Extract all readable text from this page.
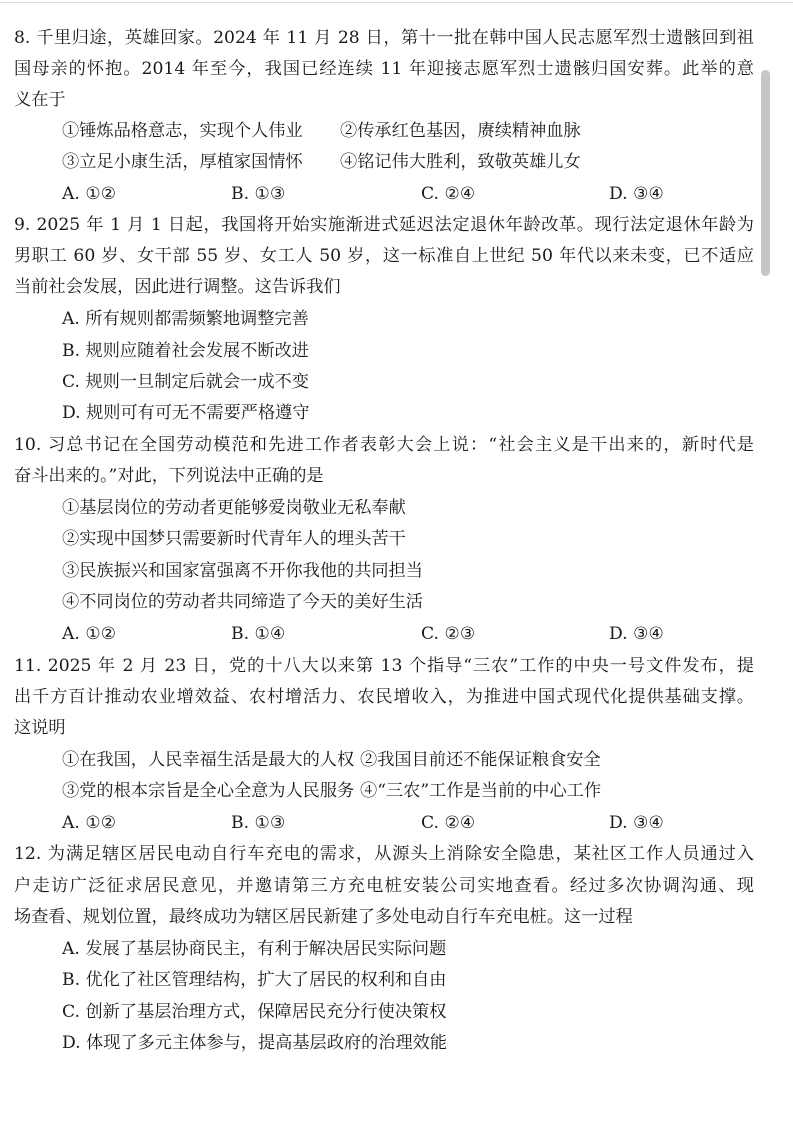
8. 千里归途，英雄回家。2024 年 11 月 28 日，第十一批在韩中国人民志愿军烈士遗骸回到祖
国母亲的怀抱。2014 年至今，我国已经连续 11 年迎接志愿军烈士遗骸归国安葬。此举的意
义在于
①锤炼品格意志，实现个人伟业 ②传承红色基因，赓续精神血脉
③立足小康生活，厚植家国情怀 ④铭记伟大胜利，致敬英雄儿女
A. ①②	B. ①③	C. ②④	D. ③④
9. 2025 年 1 月 1 日起，我国将开始实施渐进式延迟法定退休年龄改革。现行法定退休年龄为
男职工 60 岁、女干部 55 岁、女工人 50 岁，这一标准自上世纪 50 年代以来未变，已不适应
当前社会发展，因此进行调整。这告诉我们
A. 所有规则都需频繁地调整完善
B. 规则应随着社会发展不断改进
C. 规则一旦制定后就会一成不变
D. 规则可有可无不需要严格遵守
10. 习总书记在全国劳动模范和先进工作者表彰大会上说：“社会主义是干出来的，新时代是
奋斗出来的。”对此，下列说法中正确的是
①基层岗位的劳动者更能够爱岗敬业无私奉献
②实现中国梦只需要新时代青年人的埋头苦干
③民族振兴和国家富强离不开你我他的共同担当
④不同岗位的劳动者共同缔造了今天的美好生活
A. ①②	B. ①④	C. ②③	D. ③④
11. 2025 年 2 月 23 日，党的十八大以来第 13 个指导“三农”工作的中央一号文件发布，提
出千方百计推动农业增效益、农村增活力、农民增收入，为推进中国式现代化提供基础支撑。
这说明
①在我国，人民幸福生活是最大的人权 ②我国目前还不能保证粮食安全
③党的根本宗旨是全心全意为人民服务 ④“三农”工作是当前的中心工作
A. ①②	B. ①③	C. ②④	D. ③④
12. 为满足辖区居民电动自行车充电的需求，从源头上消除安全隐患，某社区工作人员通过入
户走访广泛征求居民意见，并邀请第三方充电桩安装公司实地查看。经过多次协调沟通、现
场查看、规划位置，最终成功为辖区居民新建了多处电动自行车充电桩。这一过程
A. 发展了基层协商民主，有利于解决居民实际问题
B. 优化了社区管理结构，扩大了居民的权利和自由
C. 创新了基层治理方式，保障居民充分行使决策权
D. 体现了多元主体参与，提高基层政府的治理效能
